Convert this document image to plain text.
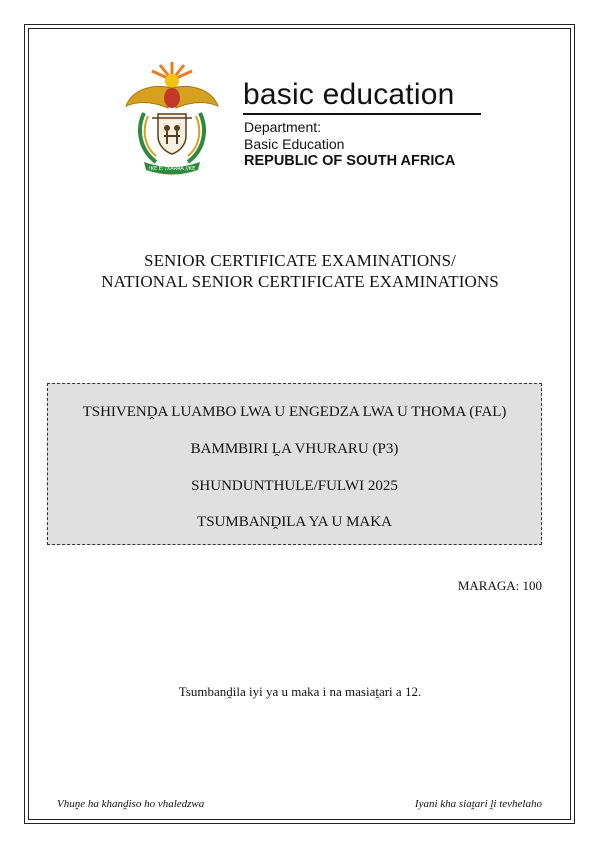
!KE E: /XARRA //KE
basic education
Department:
Basic Education
REPUBLIC OF SOUTH AFRICA
SENIOR CERTIFICATE EXAMINATIONS/
NATIONAL SENIOR CERTIFICATE EXAMINATIONS
TSHIVENḒA LUAMBO LWA U ENGEDZA LWA U THOMA (FAL)
BAMMBIRI ḼA VHURARU (P3)
SHUNDUNTHULE/FULWI 2025
TSUMBANḒILA YA U MAKA
MARAGA: 100
Tsumbanḓila iyi ya u maka i na masiaṱari a 12.
Vhuṋe ha khanḓiso ho vhaledzwa	Iyani kha siaṱari ḽi tevhelaho
